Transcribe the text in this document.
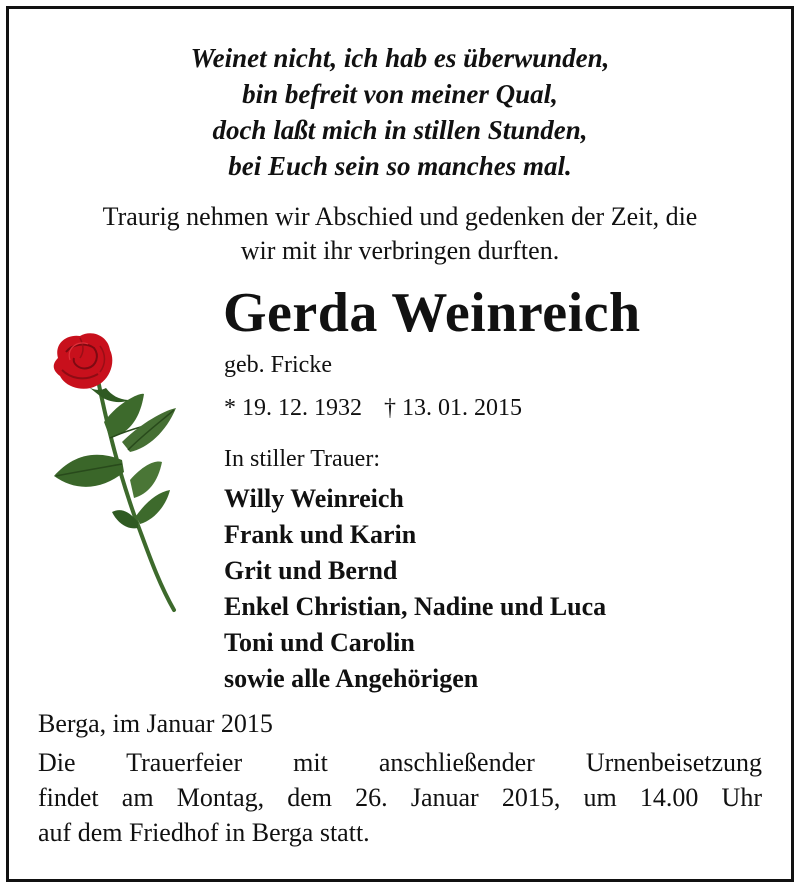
Weinet nicht, ich hab es überwunden,
bin befreit von meiner Qual,
doch laßt mich in stillen Stunden,
bei Euch sein so manches mal.
Traurig nehmen wir Abschied und gedenken der Zeit, die
wir mit ihr verbringen durften.
Gerda Weinreich
geb. Fricke
* 19. 12. 1932 † 13. 01. 2015
In stiller Trauer:
Willy Weinreich
Frank und Karin
Grit und Bernd
Enkel Christian, Nadine und Luca
Toni und Carolin
sowie alle Angehörigen
Berga, im Januar 2015
Die Trauerfeier mit anschließender Urnenbeisetzung
findet am Montag, dem 26. Januar 2015, um 14.00 Uhr
auf dem Friedhof in Berga statt.
